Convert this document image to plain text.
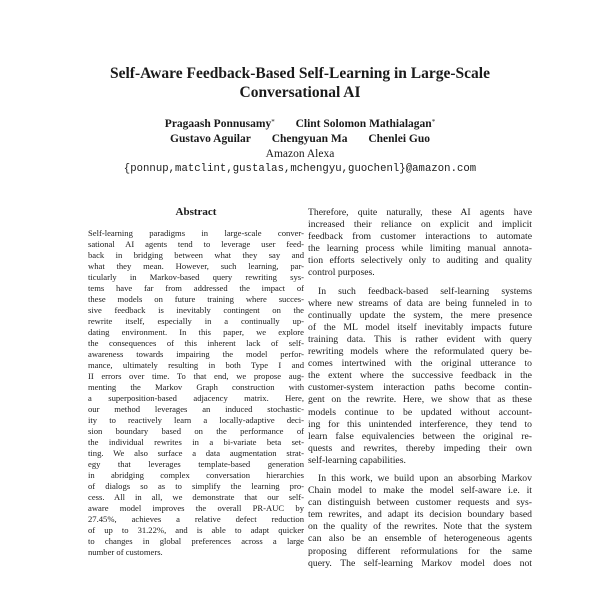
Self-Aware Feedback-Based Self-Learning in Large-Scale
Conversational AI
Pragaash Ponnusamy* Clint Solomon Mathialagan*
Gustavo Aguilar Chengyuan Ma Chenlei Guo
Amazon Alexa
{ponnup,matclint,gustalas,mchengyu,guochenl}@amazon.com
Abstract
Self-learning paradigms in large-scale conver-
sational AI agents tend to leverage user feed-
back in bridging between what they say and
what they mean. However, such learning, par-
ticularly in Markov-based query rewriting sys-
tems have far from addressed the impact of
these models on future training where succes-
sive feedback is inevitably contingent on the
rewrite itself, especially in a continually up-
dating environment. In this paper, we explore
the consequences of this inherent lack of self-
awareness towards impairing the model perfor-
mance, ultimately resulting in both Type I and
II errors over time. To that end, we propose aug-
menting the Markov Graph construction with
a superposition-based adjacency matrix. Here,
our method leverages an induced stochastic-
ity to reactively learn a locally-adaptive deci-
sion boundary based on the performance of
the individual rewrites in a bi-variate beta set-
ting. We also surface a data augmentation strat-
egy that leverages template-based generation
in abridging complex conversation hierarchies
of dialogs so as to simplify the learning pro-
cess. All in all, we demonstrate that our self-
aware model improves the overall PR-AUC by
27.45%, achieves a relative defect reduction
of up to 31.22%, and is able to adapt quicker
to changes in global preferences across a large
number of customers.
Therefore, quite naturally, these AI agents have
increased their reliance on explicit and implicit
feedback from customer interactions to automate
the learning process while limiting manual annota-
tion efforts selectively only to auditing and quality
control purposes.
In such feedback-based self-learning systems
where new streams of data are being funneled in to
continually update the system, the mere presence
of the ML model itself inevitably impacts future
training data. This is rather evident with query
rewriting models where the reformulated query be-
comes intertwined with the original utterance to
the extent where the successive feedback in the
customer-system interaction paths become contin-
gent on the rewrite. Here, we show that as these
models continue to be updated without account-
ing for this unintended interference, they tend to
learn false equivalencies between the original re-
quests and rewrites, thereby impeding their own
self-learning capabilities.
In this work, we build upon an absorbing Markov
Chain model to make the model self-aware i.e. it
can distinguish between customer requests and sys-
tem rewrites, and adapt its decision boundary based
on the quality of the rewrites. Note that the system
can also be an ensemble of heterogeneous agents
proposing different reformulations for the same
query. The self-learning Markov model does not
